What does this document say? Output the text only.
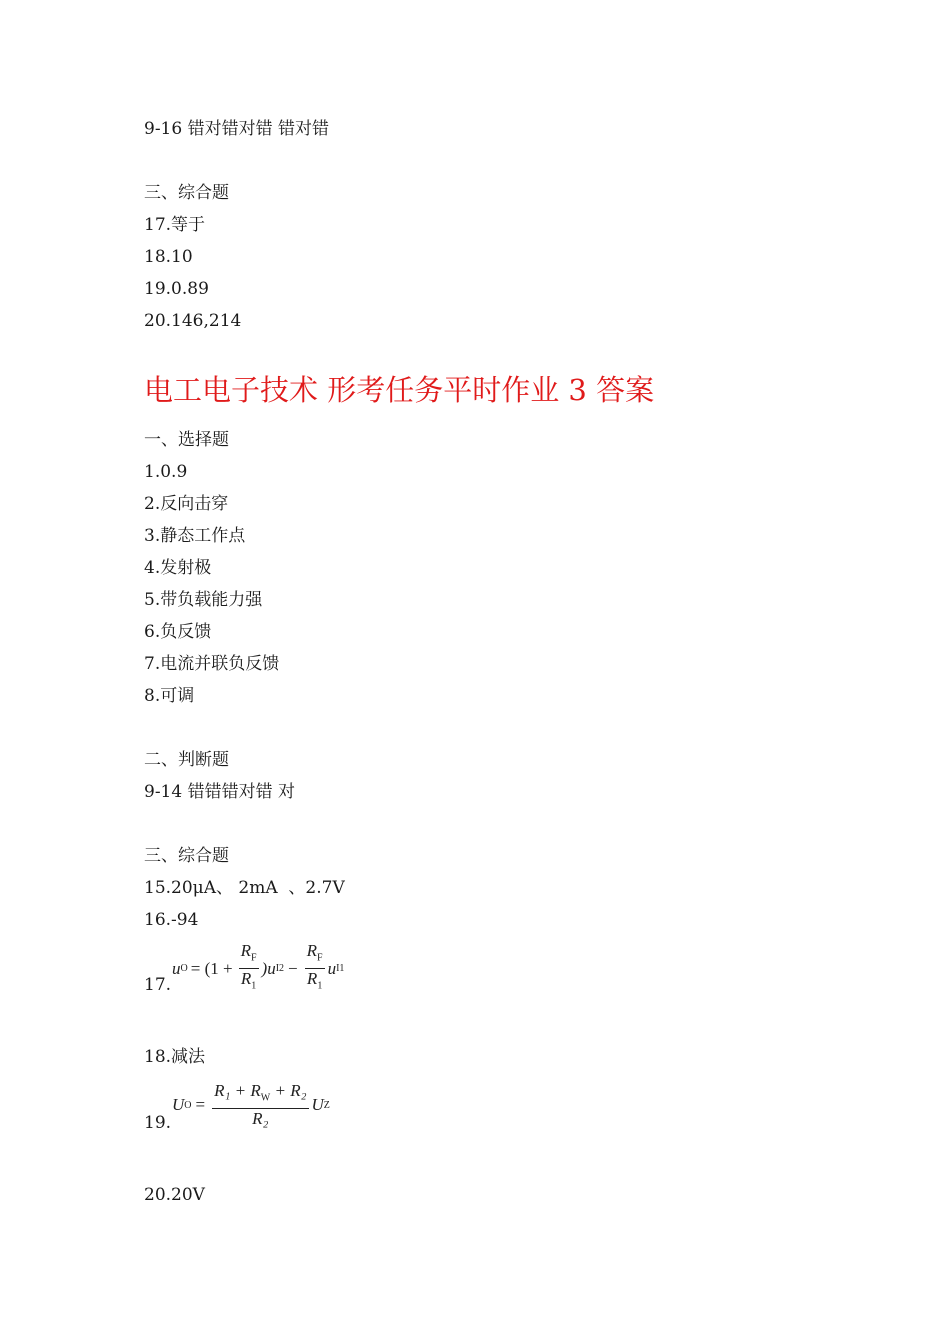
9-16 错对错对错 错对错
三、综合题
17.等于
18.10
19.0.89
20.146,214
电工电子技术 形考任务平时作业 3 答案
一、选择题
1.0.9
2.反向击穿
3.静态工作点
4.发射极
5.带负载能力强
6.负反馈
7.电流并联负反馈
8.可调
二、判断题
9-14 错错错对错 对
三、综合题
15.20μA、 2mA  、2.7V
16.-94
17.
u $O = (1 + \frac{R_F}{R_1} )u$ $I2 - \frac{R_F}{R_1}$ u I1
18.减法
19.
U $O = \frac{R_1 + R_W + R_2}{\text{R₂}}$ U Z
20.20V
